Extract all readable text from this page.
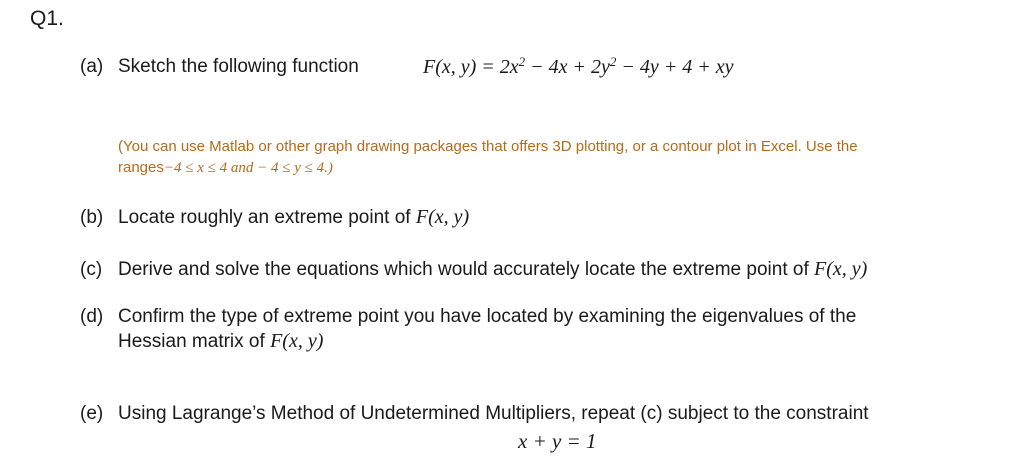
Q1.
(a) Sketch the following function	F(x, $y) = 2x^2 - 4x + 2y^2 - 4y + 4$ + xy
(You can use Matlab or other graph drawing packages that offers 3D plotting, or a contour plot in Excel. Use the
ranges−4 ≤ x ≤ 4 and − 4 ≤ y ≤ 4.)
(b) Locate roughly an extreme point of F(x, y)
(c) Derive and solve the equations which would accurately locate the extreme point of F(x, y)
(d) Confirm the type of extreme point you have located by examining the eigenvalues of the
Hessian matrix of F(x, y)
(e) Using Lagrange’s Method of Undetermined Multipliers, repeat (c) subject to the constraint
x + y = 1
